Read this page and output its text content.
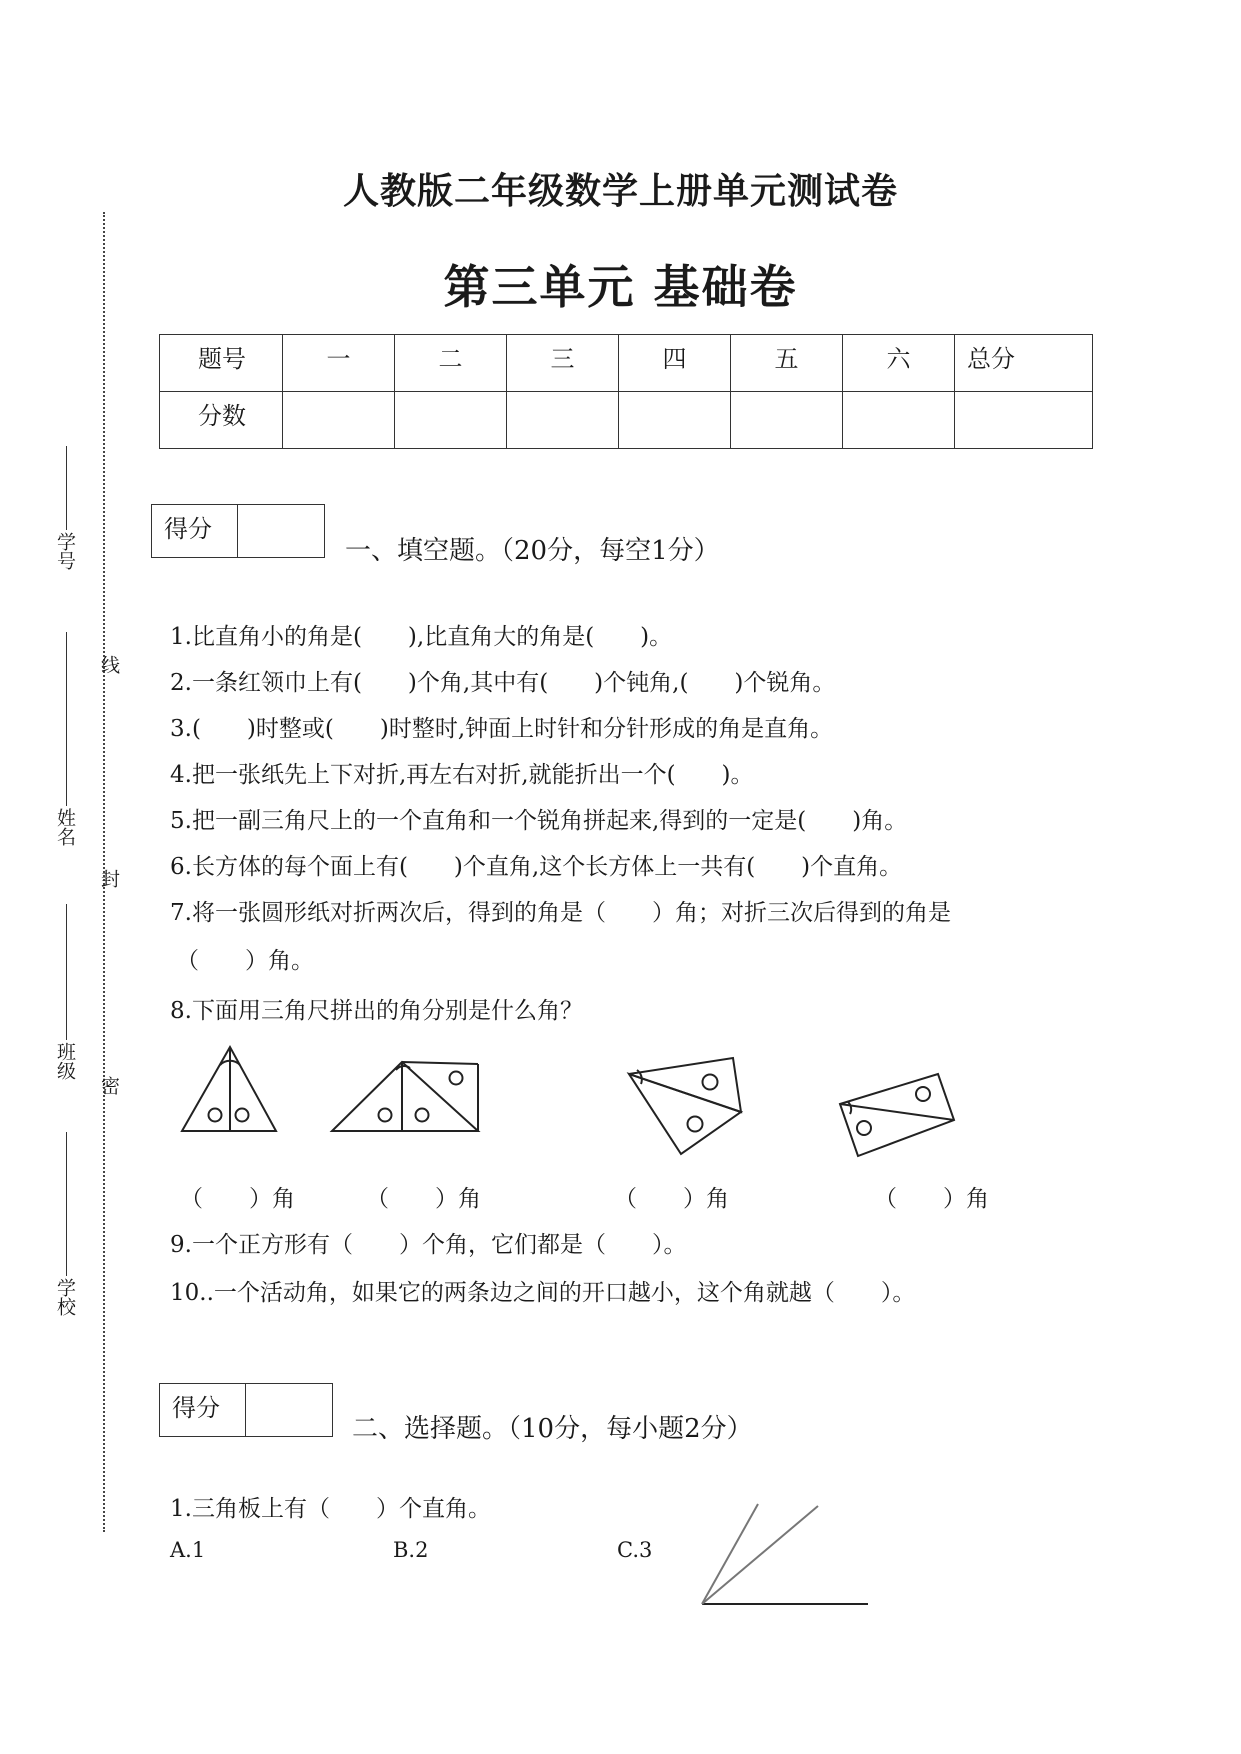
人教版二年级数学上册单元测试卷
第三单元 基础卷
题号	一	二	三	四	五	六	总分
分数							
学号
姓名
班级
学校
线
封
密
得分
一、填空题。（20分，每空1分）
1.比直角小的角是(　　),比直角大的角是(　　)。
2.一条红领巾上有(　　)个角,其中有(　　)个钝角,(　　)个锐角。
3.(　　)时整或(　　)时整时,钟面上时针和分针形成的角是直角。
4.把一张纸先上下对折,再左右对折,就能折出一个(　　)。
5.把一副三角尺上的一个直角和一个锐角拼起来,得到的一定是(　　)角。
6.长方体的每个面上有(　　)个直角,这个长方体上一共有(　　)个直角。
7.将一张圆形纸对折两次后，得到的角是（　　）角；对折三次后得到的角是
（　　）角。
8.下面用三角尺拼出的角分别是什么角？
（　　）角	（　　）角	（　　）角	（　　）角
9.一个正方形有（　　）个角，它们都是（　　）。
10..一个活动角，如果它的两条边之间的开口越小，这个角就越（　　）。
得分
二、选择题。（10分，每小题2分）
1.三角板上有（　　）个直角。
A.1	B.2	C.3
